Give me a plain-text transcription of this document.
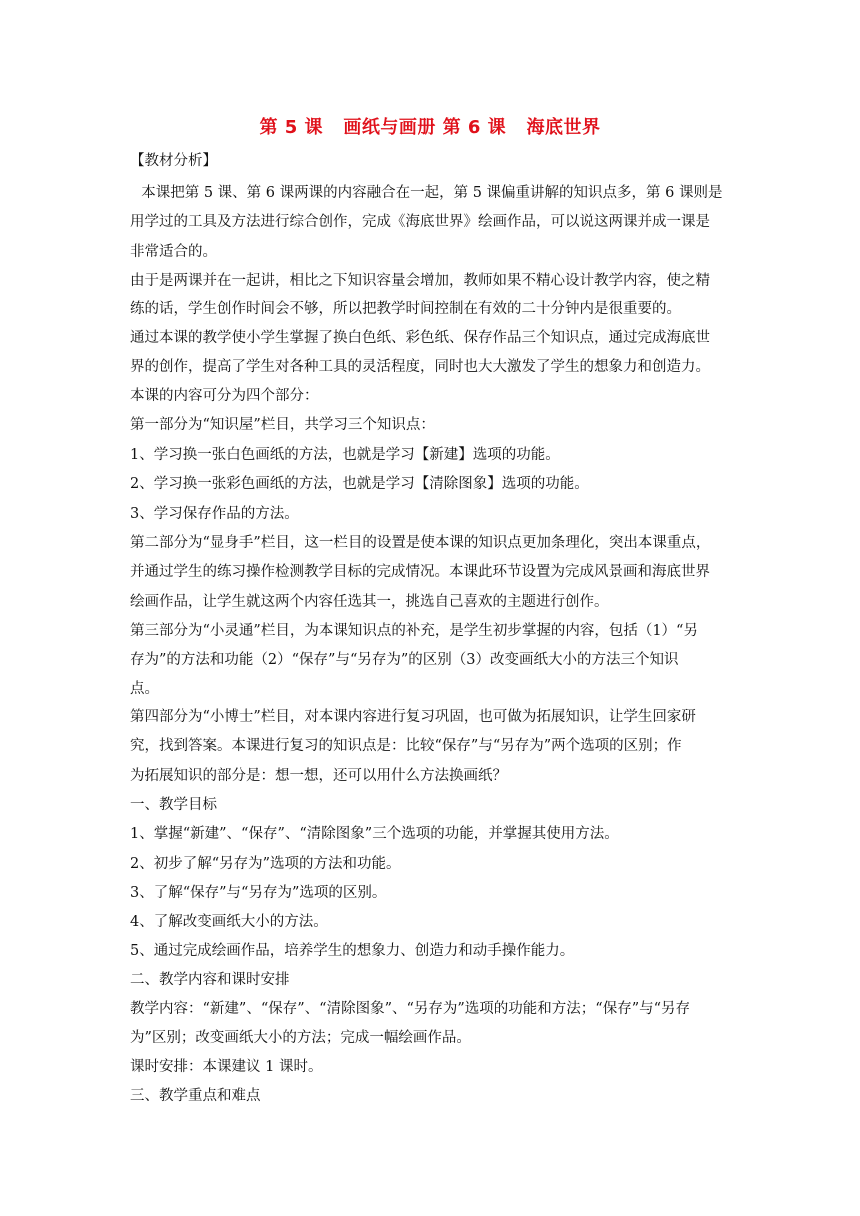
第 5 课   画纸与画册 第 6 课   海底世界
【教材分析】
本课把第 5 课、第 6 课两课的内容融合在一起，第 5 课偏重讲解的知识点多，第 6 课则是
用学过的工具及方法进行综合创作，完成《海底世界》绘画作品，可以说这两课并成一课是
非常适合的。
由于是两课并在一起讲，相比之下知识容量会增加，教师如果不精心设计教学内容，使之精
练的话，学生创作时间会不够，所以把教学时间控制在有效的二十分钟内是很重要的。
通过本课的教学使小学生掌握了换白色纸、彩色纸、保存作品三个知识点，通过完成海底世
界的创作，提高了学生对各种工具的灵活程度，同时也大大激发了学生的想象力和创造力。
本课的内容可分为四个部分：
第一部分为“知识屋”栏目，共学习三个知识点：
1、学习换一张白色画纸的方法，也就是学习【新建】选项的功能。
2、学习换一张彩色画纸的方法，也就是学习【清除图象】选项的功能。
3、学习保存作品的方法。
第二部分为“显身手”栏目，这一栏目的设置是使本课的知识点更加条理化，突出本课重点，
并通过学生的练习操作检测教学目标的完成情况。本课此环节设置为完成风景画和海底世界
绘画作品，让学生就这两个内容任选其一，挑选自己喜欢的主题进行创作。
第三部分为“小灵通”栏目，为本课知识点的补充，是学生初步掌握的内容，包括（1）“另
存为”的方法和功能（2）“保存”与“另存为”的区别（3）改变画纸大小的方法三个知识
点。
第四部分为“小博士”栏目，对本课内容进行复习巩固，也可做为拓展知识，让学生回家研
究，找到答案。本课进行复习的知识点是：比较“保存”与“另存为”两个选项的区别；作
为拓展知识的部分是：想一想，还可以用什么方法换画纸？
一、教学目标
1、掌握“新建”、“保存”、“清除图象”三个选项的功能，并掌握其使用方法。
2、初步了解“另存为”选项的方法和功能。
3、了解“保存”与“另存为”选项的区别。
4、了解改变画纸大小的方法。
5、通过完成绘画作品，培养学生的想象力、创造力和动手操作能力。
二、教学内容和课时安排
教学内容：“新建”、“保存”、“清除图象”、“另存为”选项的功能和方法；“保存”与“另存
为”区别；改变画纸大小的方法；完成一幅绘画作品。
课时安排：本课建议 1 课时。
三、教学重点和难点
